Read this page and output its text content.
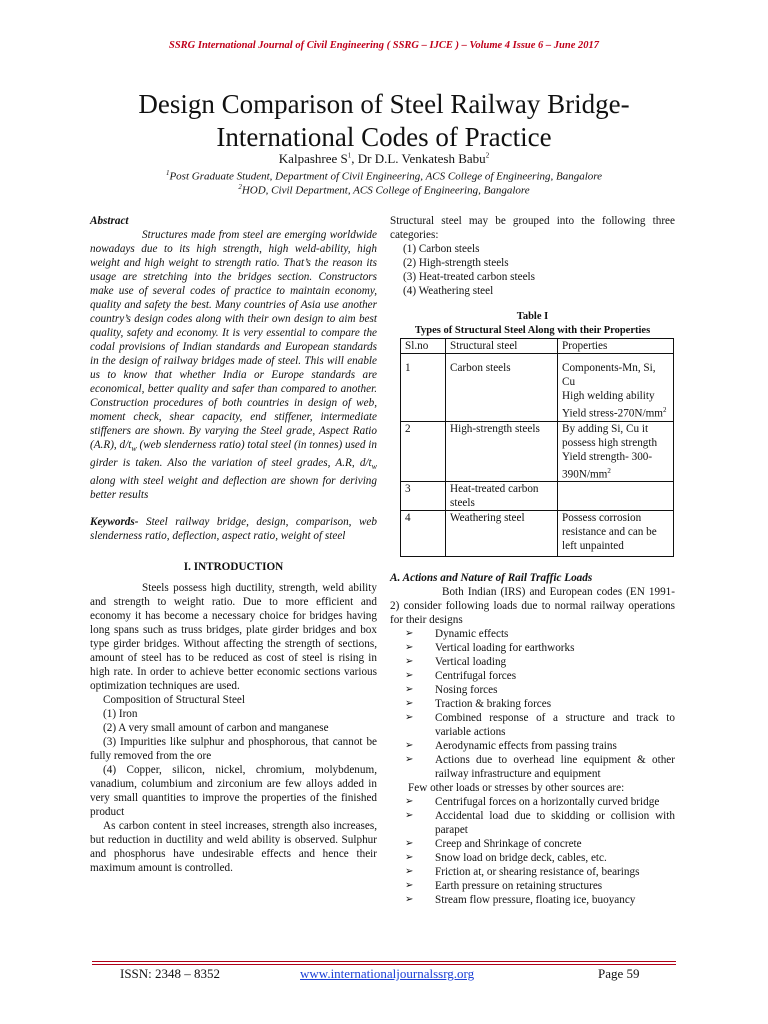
SSRG International Journal of Civil Engineering ( SSRG – IJCE ) – Volume 4 Issue 6 – June 2017
Design Comparison of Steel Railway Bridge-
International Codes of Practice
Kalpashree $S^1$, Dr D.L. Venkatesh Babu$^2$
$^1$Post Graduate Student, Department of Civil Engineering, ACS College of Engineering, Bangalore
$^2$HOD, Civil Department, ACS College of Engineering, Bangalore

Abstract

Structures made from steel are emerging worldwide nowadays due to its high strength, high weld-ability, high weight and high weight to strength ratio. That’s the reason its usage are stretching into the bridges section. Constructors make use of several codes of practice to maintain economy, quality and safety the best. Many countries of Asia use another country’s design codes along with their own design to aim best quality, safety and economy. It is very essential to compare the codal provisions of Indian standards and European standards in the design of railway bridges made of steel. This will enable us to know that whether India or Europe standards are economical, better quality and safer than compared to another. Construction procedures of both countries in design of web, moment check, shear capacity, end stiffener, intermediate stiffeners are shown. By varying the Steel grade, Aspect Ratio (A.R), $d/t_w$ (web slenderness ratio) total steel (in tonnes) used in girder is taken. Also the variation of steel grades, A.R, $d/t_w$ along with steel weight and deflection are shown for deriving better results

Keywords- Steel railway bridge, design, comparison, web slenderness ratio, deflection, aspect ratio, weight of steel

I. INTRODUCTION

Steels possess high ductility, strength, weld ability and strength to weight ratio. Due to more efficient and economy it has become a necessary choice for bridges having long spans such as truss bridges, plate girder bridges and box type girder bridges. Without affecting the strength of sections, amount of steel has to be reduced as cost of steel is rising in high rate. In order to achieve better economic sections various optimization techniques are used.

Composition of Structural Steel

(1) Iron

(2) A very small amount of carbon and manganese

(3) Impurities like sulphur and phosphorous, that cannot be fully removed from the ore

(4) Copper, silicon, nickel, chromium, molybdenum, vanadium, columbium and zirconium are few alloys added in very small quantities to improve the properties of the finished product

As carbon content in steel increases, strength also increases, but reduction in ductility and weld ability is observed. Sulphur and phosphorus have undesirable effects and hence their maximum amount is controlled.

Structural steel may be grouped into the following three categories:

(1) Carbon steels

(2) High-strength steels

(3) Heat-treated carbon steels

(4) Weathering steel

Table I

Types of Structural Steel Along with their Properties

Sl.no	Structural steel	Properties
1	Carbon steels	Components-Mn, Si, Cu
High welding ability
Yield stress-$270N/mm^2$

2	High-strength steels	By adding Si, Cu it possess high strength
Yield strength- $300-390N/mm^2$

3	Heat-treated carbon steels	
4	Weathering steel	Possess corrosion resistance and can be left unpainted

A. Actions and Nature of Rail Traffic Loads

Both Indian (IRS) and European codes (EN 1991-2) consider following loads due to normal railway operations for their designs

➢ Dynamic effects
➢ Vertical loading for earthworks
➢ Vertical loading
➢ Centrifugal forces
➢ Nosing forces
➢ Traction & braking forces
➢ Combined response of a structure and track to variable actions
➢ Aerodynamic effects from passing trains
➢ Actions due to overhead line equipment & other railway infrastructure and equipment

Few other loads or stresses by other sources are:

➢ Centrifugal forces on a horizontally curved bridge
➢ Accidental load due to skidding or collision with parapet
➢ Creep and Shrinkage of concrete
➢ Snow load on bridge deck, cables, etc.
➢ Friction at, or shearing resistance of, bearings
➢ Earth pressure on retaining structures
➢ Stream flow pressure, floating ice, buoyancy
ISSN: 2348 – 8352	www.internationaljournalssrg.org	Page 59
